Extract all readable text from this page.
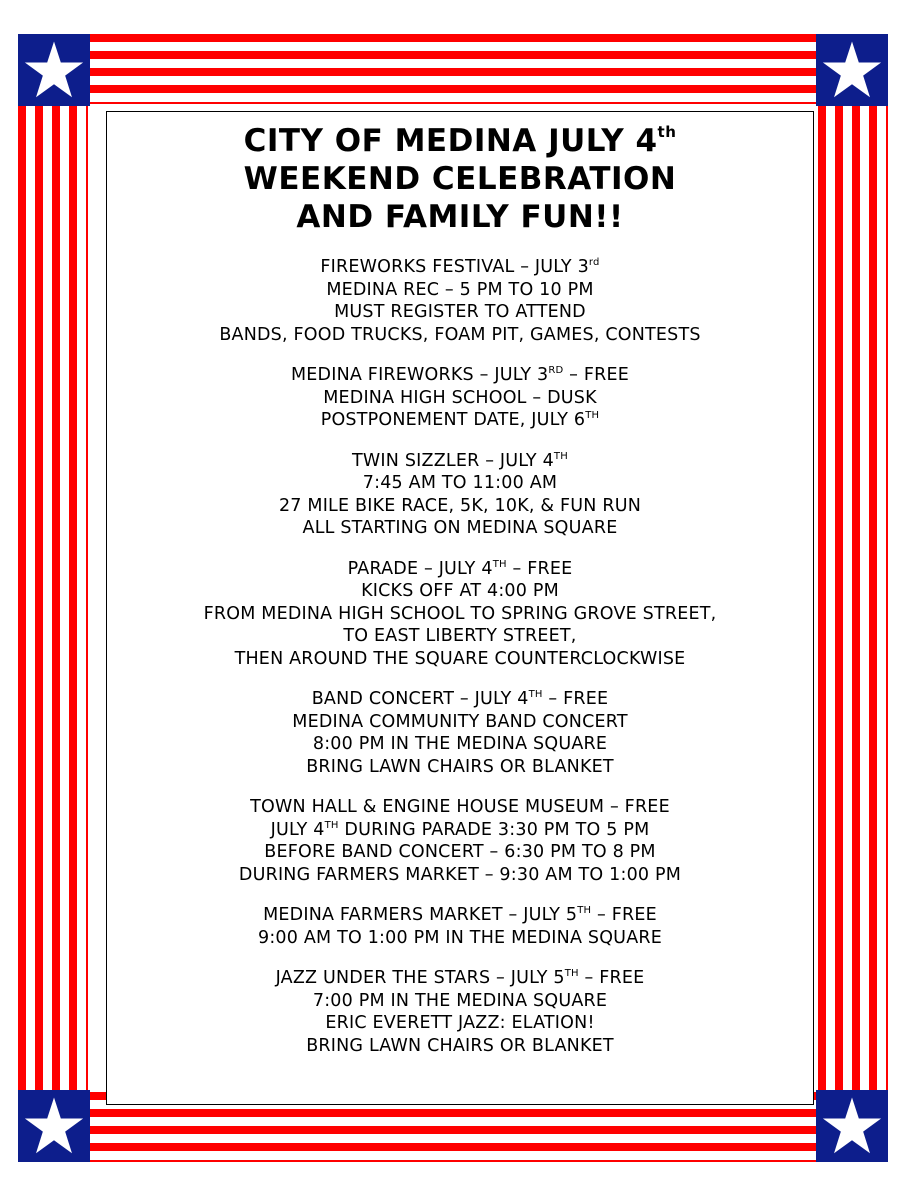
CITY OF MEDINA JULY 4th
WEEKEND CELEBRATION
AND FAMILY FUN!!
FIREWORKS FESTIVAL – JULY 3rd
MEDINA REC – 5 PM TO 10 PM
MUST REGISTER TO ATTEND
BANDS, FOOD TRUCKS, FOAM PIT, GAMES, CONTESTS
MEDINA FIREWORKS – JULY 3RD – FREE
MEDINA HIGH SCHOOL – DUSK
POSTPONEMENT DATE, JULY 6TH
TWIN SIZZLER – JULY 4TH
7:45 AM TO 11:00 AM
27 MILE BIKE RACE, 5K, 10K, & FUN RUN
ALL STARTING ON MEDINA SQUARE
PARADE – JULY 4TH – FREE
KICKS OFF AT 4:00 PM
FROM MEDINA HIGH SCHOOL TO SPRING GROVE STREET,
TO EAST LIBERTY STREET,
THEN AROUND THE SQUARE COUNTERCLOCKWISE
BAND CONCERT – JULY 4TH – FREE
MEDINA COMMUNITY BAND CONCERT
8:00 PM IN THE MEDINA SQUARE
BRING LAWN CHAIRS OR BLANKET
TOWN HALL & ENGINE HOUSE MUSEUM – FREE
JULY 4TH DURING PARADE 3:30 PM TO 5 PM
BEFORE BAND CONCERT – 6:30 PM TO 8 PM
DURING FARMERS MARKET – 9:30 AM TO 1:00 PM
MEDINA FARMERS MARKET – JULY 5TH – FREE
9:00 AM TO 1:00 PM IN THE MEDINA SQUARE
JAZZ UNDER THE STARS – JULY 5TH – FREE
7:00 PM IN THE MEDINA SQUARE
ERIC EVERETT JAZZ: ELATION!
BRING LAWN CHAIRS OR BLANKET
